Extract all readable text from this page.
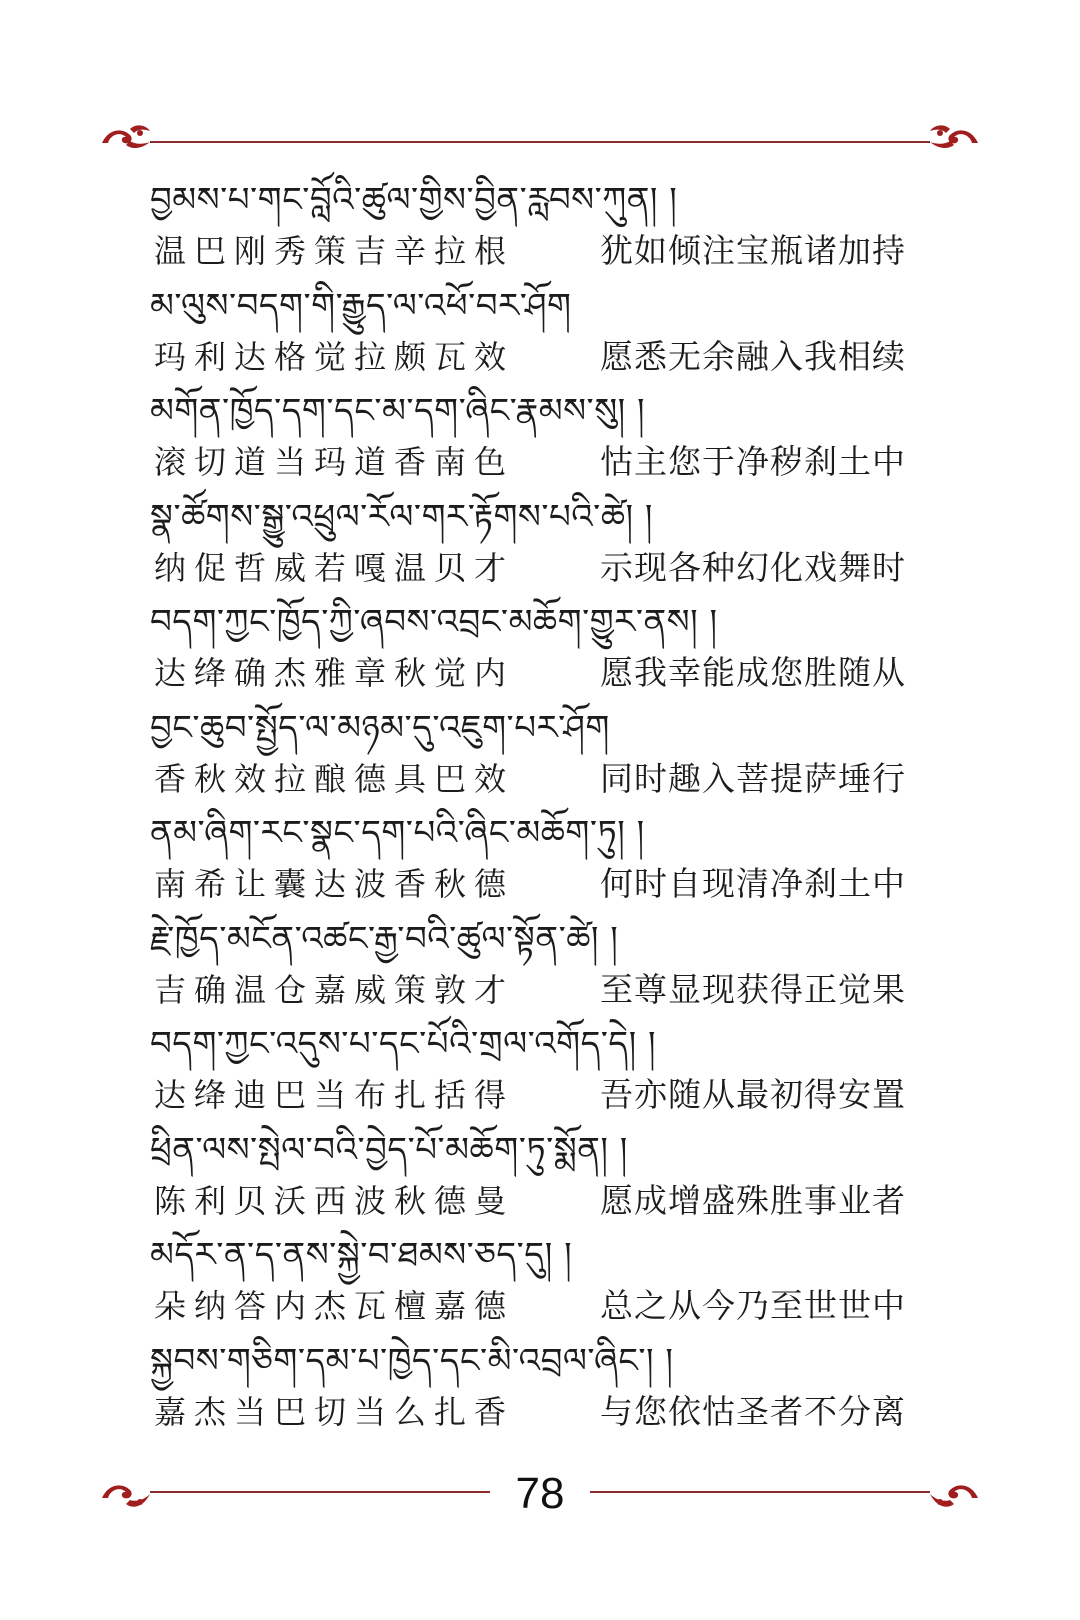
བྱམས་པ་གང་བློའི་ཚུལ་གྱིས་བྱིན་རླབས་ཀུན། །
温巴刚秀策吉辛拉根	犹如倾注宝瓶诸加持
མ་ལུས་བདག་གི་རྒྱུད་ལ་འཕོ་བར་ཤོག
玛利达格觉拉颇瓦效	愿悉无余融入我相续
མགོན་ཁྱོད་དག་དང་མ་དག་ཞིང་རྣམས་སུ། །
滚切道当玛道香南色	怙主您于净秽刹土中
སྣ་ཚོགས་སྒྱུ་འཕྲུལ་རོལ་གར་རྟོགས་པའི་ཚེ། །
纳促哲威若嘎温贝才	示现各种幻化戏舞时
བདག་ཀྱང་ཁྱོད་ཀྱི་ཞབས་འབྲང་མཆོག་གྱུར་ནས། །
达绛确杰雅章秋觉内	愿我幸能成您胜随从
བྱང་ཆུབ་སྤྱོད་ལ་མཉམ་དུ་འཇུག་པར་ཤོག
香秋效拉酿德具巴效	同时趣入菩提萨埵行
ནམ་ཞིག་རང་སྣང་དག་པའི་ཞིང་མཆོག་ཏུ། །
南希让囊达波香秋德	何时自现清净刹土中
རྗེ་ཁྱོད་མངོན་འཚང་རྒྱ་བའི་ཚུལ་སྟོན་ཚེ། །
吉确温仓嘉威策敦才	至尊显现获得正觉果
བདག་ཀྱང་འདུས་པ་དང་པོའི་གྲལ་འགོད་དེ། །
达绛迪巴当布扎括得	吾亦随从最初得安置
ཕྲིན་ལས་སྤེལ་བའི་བྱེད་པོ་མཆོག་ཏུ་སྨོན། །
陈利贝沃西波秋德曼	愿成增盛殊胜事业者
མདོར་ན་ད་ནས་སྐྱེ་བ་ཐམས་ཅད་དུ། །
朵纳答内杰瓦檀嘉德	总之从今乃至世世中
སྐྱབས་གཅིག་དམ་པ་ཁྱེད་དང་མི་འབྲལ་ཞིང་། །
嘉杰当巴切当么扎香	与您依怙圣者不分离
78
